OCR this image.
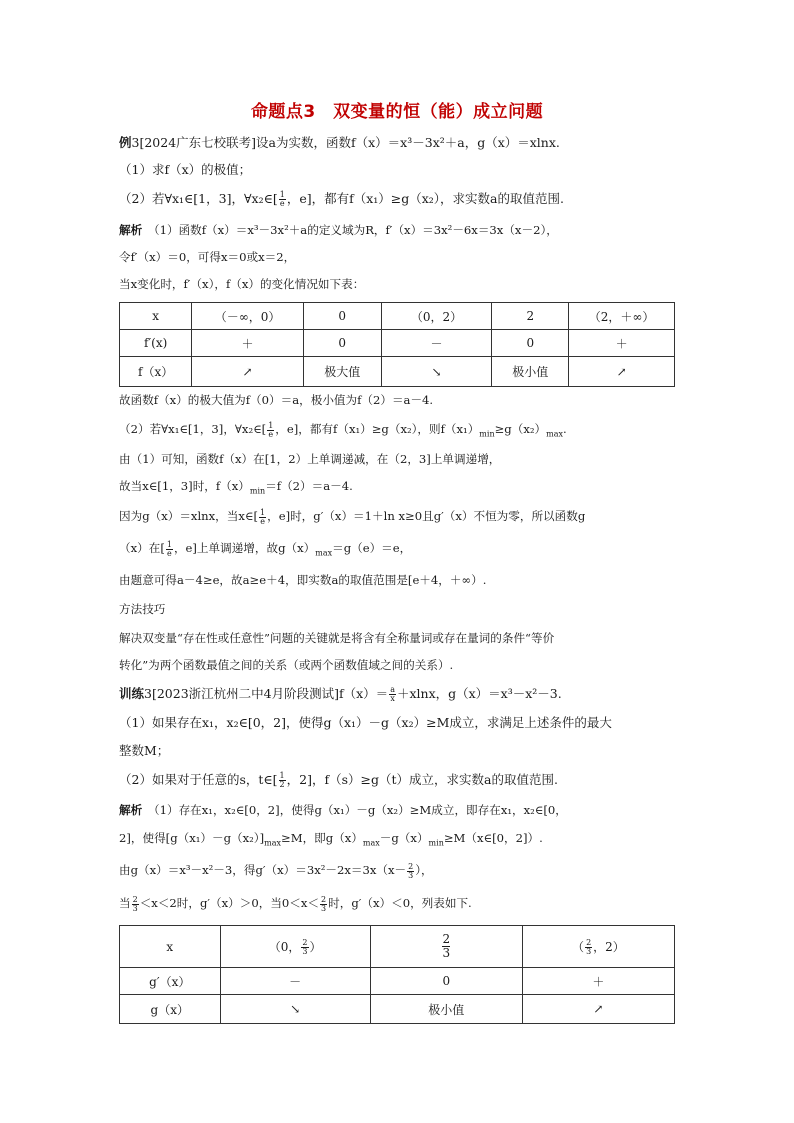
命题点3　双变量的恒（能）成立问题
例3[2024广东七校联考]设a为实数，函数f（x）＝x³－3x²＋a，g（x）＝xlnx.
（1）求f（x）的极值；
（2）若∀x₁∈[1，3]，∀x₂∈[ $\frac{1}{e}$ ，e]，都有f（x₁）≥g（x₂），求实数a的取值范围.
解析　 （1）函数f（x）＝x³－3x²＋a的定义域为R，f′（x）＝3x²－6x＝3x（x－2），
令f′（x）＝0，可得x＝0或x＝2，
当x变化时，f′（x），f（x）的变化情况如下表：
x	（－∞，0）	0	（0，2）	2	（2，＋∞）
f′(x)	＋	0	－	0	＋
f（x）	↗	极大值	↘	极小值	↗
故函数f（x）的极大值为f（0）＝a，极小值为f（2）＝a－4.
（2）若∀x₁∈[1，3]，∀x₂∈[ $\frac{1}{e}$ ，e]，都有f（x₁）≥g（x₂），则$f(x_1)_{min}\ge g(x_2)_{max}$.
由（1）可知，函数f（x）在[1，2）上单调递减，在（2，3]上单调递增，
故当x∈[1，3]时，$f(x)_{min}=f(2)=a-4$.
因为g（x）＝xlnx，当x∈[ $\frac{1}{e}$ ，e]时，g′（x）＝1＋ln x≥0且g′（x）不恒为零，所以函数g
（x）在[ $\frac{1}{e}$ ，e]上单调递增，故$g(x)_{max}=g(e)=e$，
由题意可得a－4≥e，故a≥e＋4，即实数a的取值范围是[e＋4，＋∞）.
方法技巧
解决双变量“存在性或任意性”问题的关键就是将含有全称量词或存在量词的条件“等价
转化”为两个函数最值之间的关系（或两个函数值域之间的关系）.
训练3[2023浙江杭州二中4月阶段测试]$f(x)= \frac{a}{x} +xlnx$，g（x）＝x³－x²－3.
（1）如果存在x₁，x₂∈[0，2]，使得g（x₁）－g（x₂）≥M成立，求满足上述条件的最大
整数M；
（2）如果对于任意的s，t∈[ $\frac{1}{2}$ ，2]，f（s）≥g（t）成立，求实数a的取值范围.
解析　 （1）存在x₁，x₂∈[0，2]，使得g（x₁）－g（x₂）≥M成立，即存在x₁，x₂∈[0，
2]，使得$[g(x_1)-g(x_2)]_{max}\ge M$，即$g(x)_{max}-g(x)_{min}\ge M(x\in[0$，2]）.
由g（x）＝x³－x²－3，得$g'(x)=3x^2-2x=3x(x- \frac{2}{3}$ ），
当 $\frac{2}{3} <x<2$时，g′（x）＞0，当$0<x< \frac{2}{3}$ 时，g′（x）＜0，列表如下.
x	（0， $\frac{2}{3}$ ）	$\frac{2}{3}$	（ $\frac{2}{3}$ ，2）
g′（x）	－	0	＋
g（x）	↘	极小值	↗
